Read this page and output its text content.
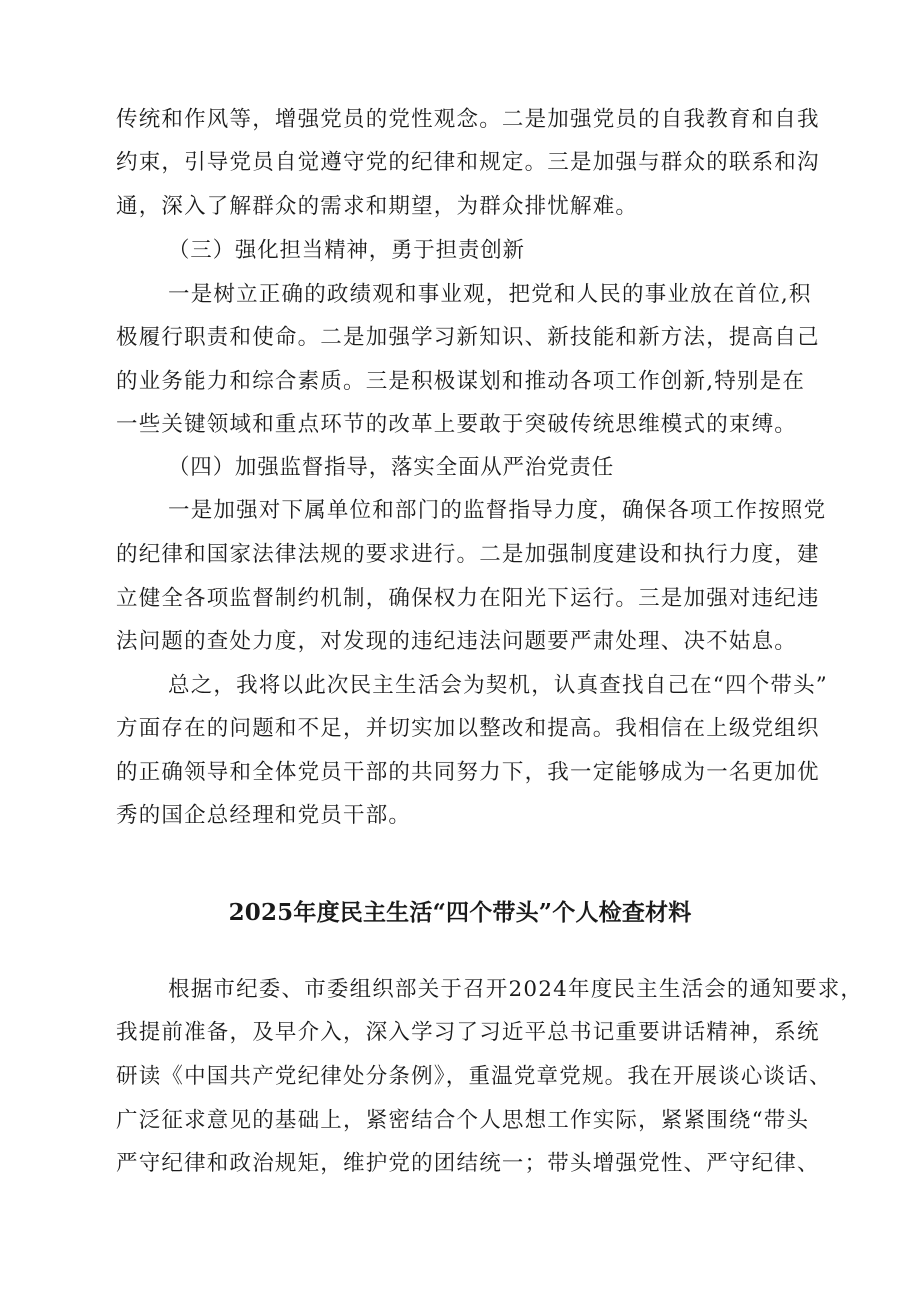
传统和作风等，增强党员的党性观念。二是加强党员的自我教育和自我
约束，引导党员自觉遵守党的纪律和规定。三是加强与群众的联系和沟
通，深入了解群众的需求和期望，为群众排忧解难。
（三）强化担当精神，勇于担责创新
一是树立正确的政绩观和事业观，把党和人民的事业放在首位,积
极履行职责和使命。二是加强学习新知识、新技能和新方法，提高自己
的业务能力和综合素质。三是积极谋划和推动各项工作创新,特别是在
一些关键领域和重点环节的改革上要敢于突破传统思维模式的束缚。
（四）加强监督指导，落实全面从严治党责任
一是加强对下属单位和部门的监督指导力度，确保各项工作按照党
的纪律和国家法律法规的要求进行。二是加强制度建设和执行力度，建
立健全各项监督制约机制，确保权力在阳光下运行。三是加强对违纪违
法问题的查处力度，对发现的违纪违法问题要严肃处理、决不姑息。
总之，我将以此次民主生活会为契机，认真查找自己在“四个带头”
方面存在的问题和不足，并切实加以整改和提高。我相信在上级党组织
的正确领导和全体党员干部的共同努力下，我一定能够成为一名更加优
秀的国企总经理和党员干部。
2025年度民主生活“四个带头”个人检查材料
根据市纪委、市委组织部关于召开2024年度民主生活会的通知要求，
我提前准备，及早介入，深入学习了习近平总书记重要讲话精神，系统
研读《中国共产党纪律处分条例》，重温党章党规。我在开展谈心谈话、
广泛征求意见的基础上，紧密结合个人思想工作实际，紧紧围绕“带头
严守纪律和政治规矩，维护党的团结统一；带头增强党性、严守纪律、
